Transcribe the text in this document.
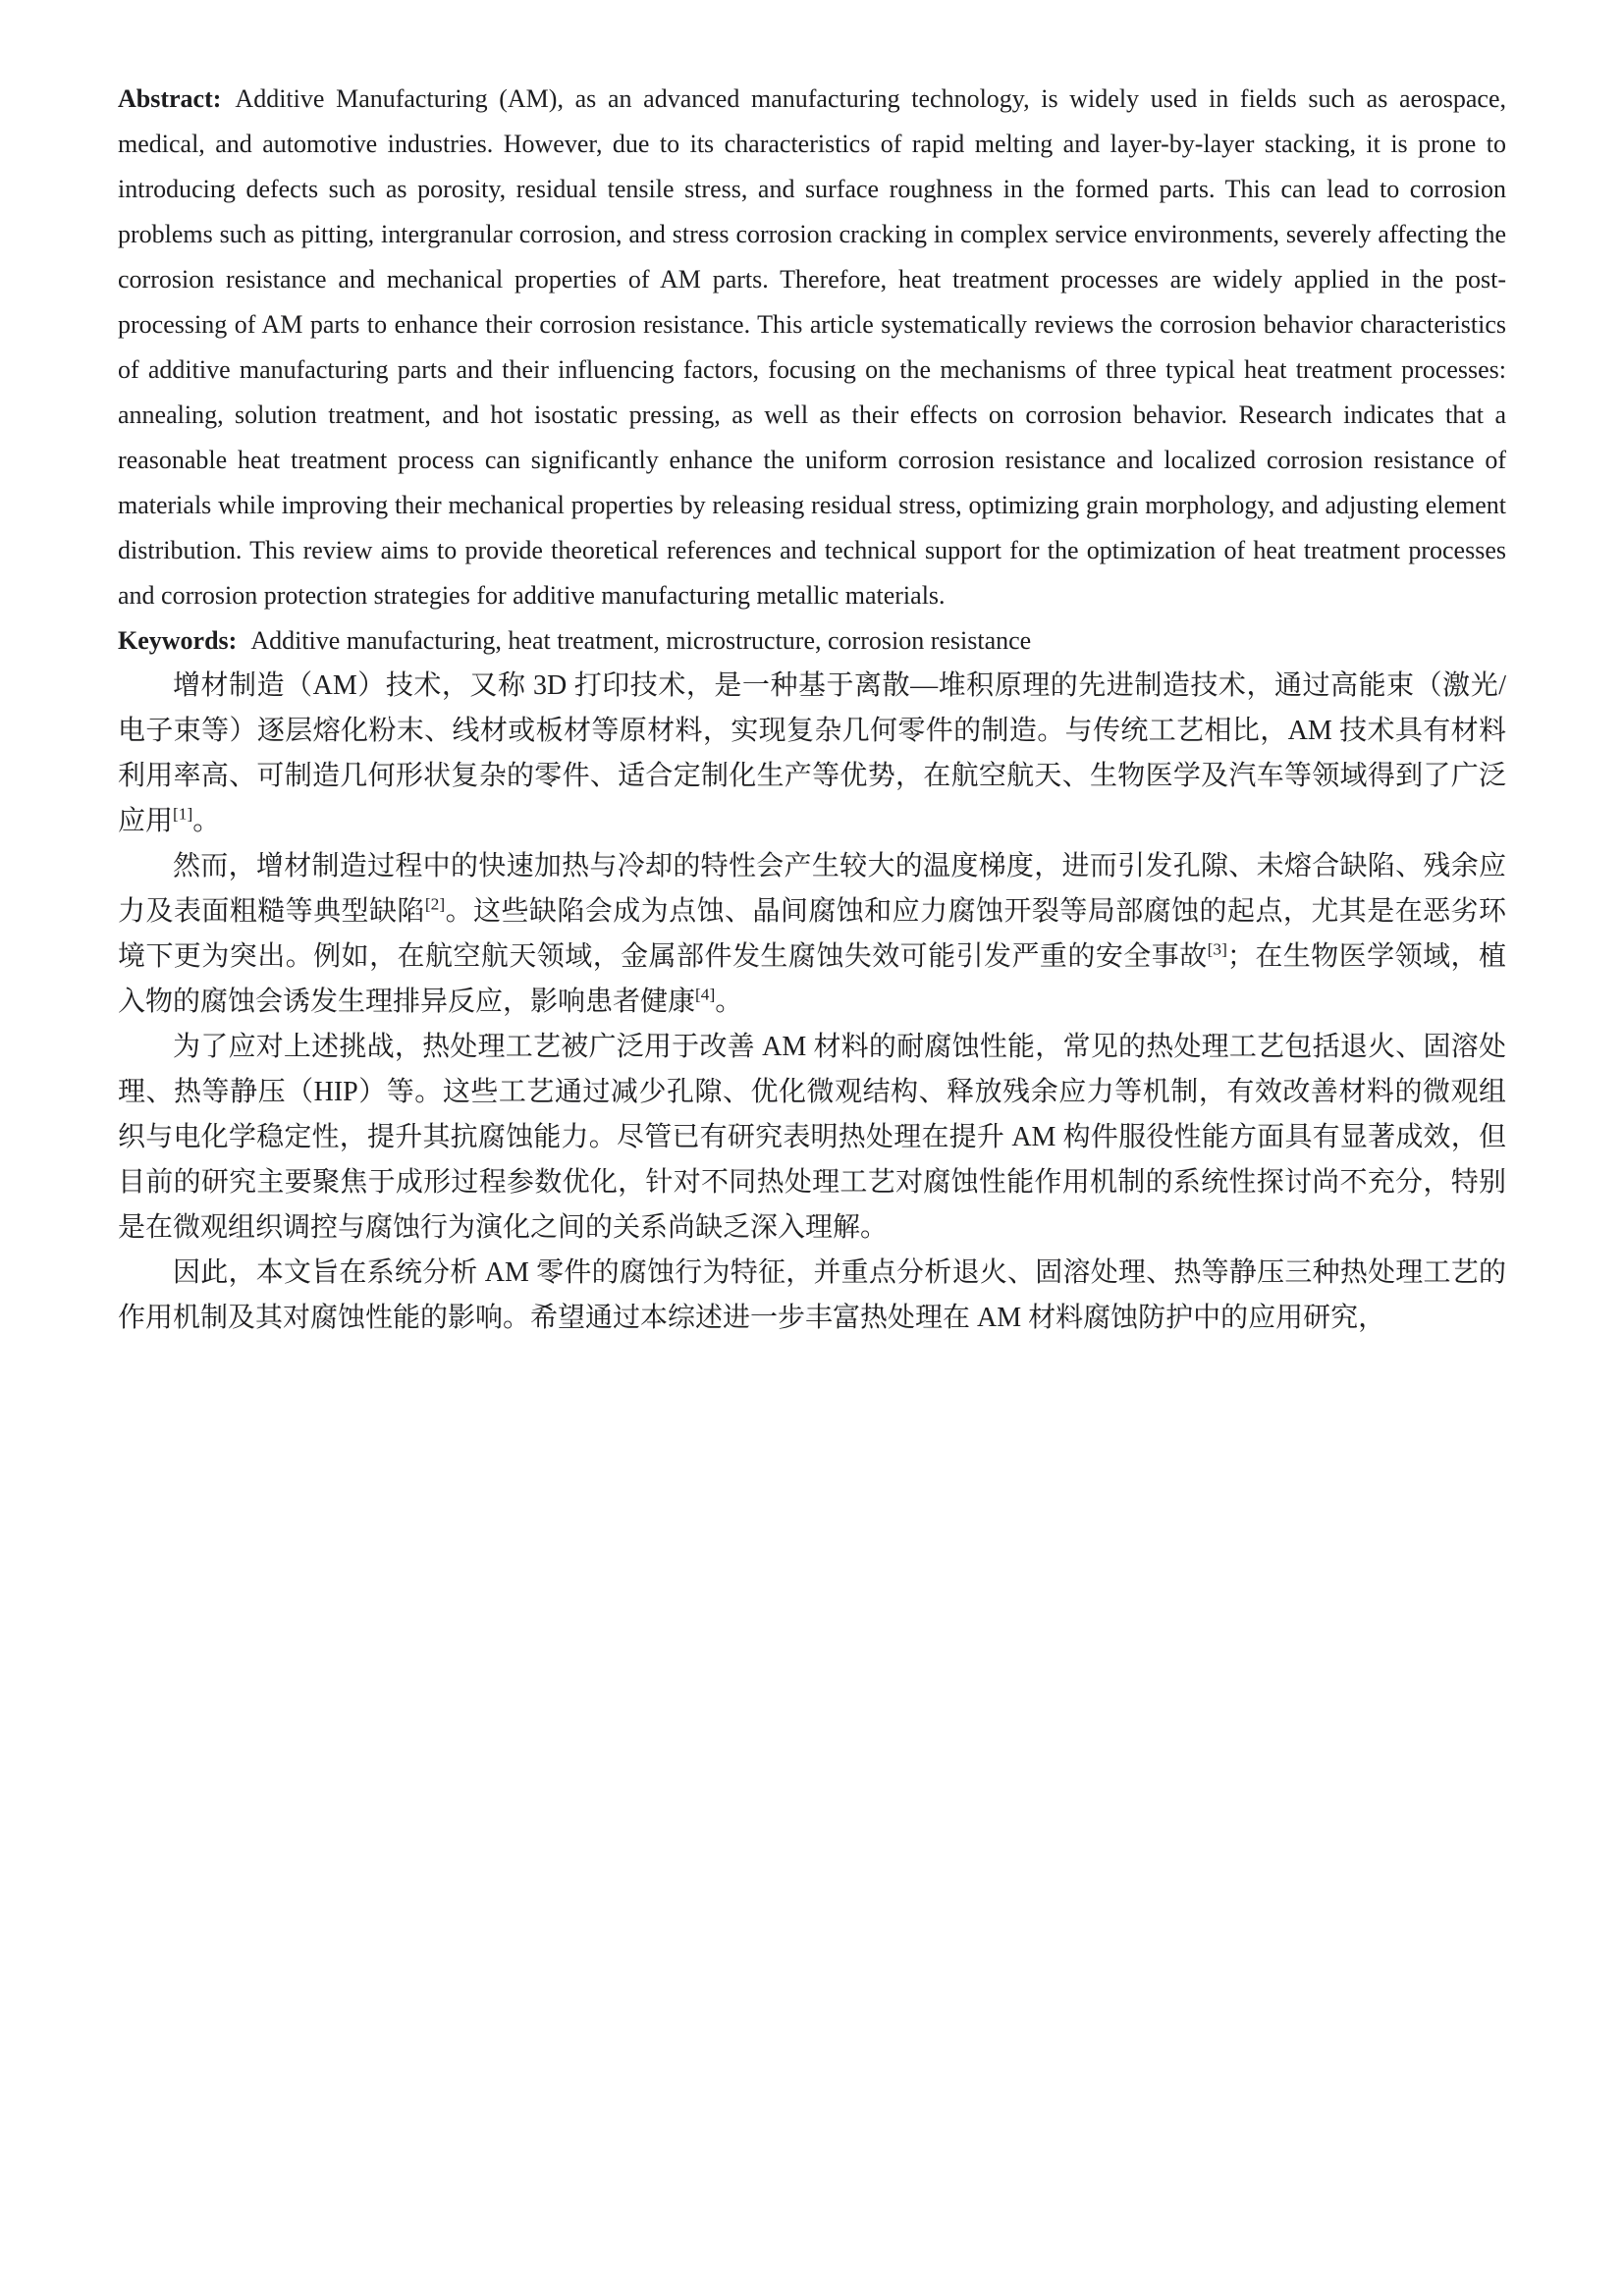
Abstract: Additive Manufacturing (AM), as an advanced manufacturing technology, is widely used in fields such as aerospace, medical, and automotive industries. However, due to its characteristics of rapid melting and layer-by-layer stacking, it is prone to introducing defects such as porosity, residual tensile stress, and surface roughness in the formed parts. This can lead to corrosion problems such as pitting, intergranular corrosion, and stress corrosion cracking in complex service environments, severely affecting the corrosion resistance and mechanical properties of AM parts. Therefore, heat treatment processes are widely applied in the post-processing of AM parts to enhance their corrosion resistance. This article systematically reviews the corrosion behavior characteristics of additive manufacturing parts and their influencing factors, focusing on the mechanisms of three typical heat treatment processes: annealing, solution treatment, and hot isostatic pressing, as well as their effects on corrosion behavior. Research indicates that a reasonable heat treatment process can significantly enhance the uniform corrosion resistance and localized corrosion resistance of materials while improving their mechanical properties by releasing residual stress, optimizing grain morphology, and adjusting element distribution. This review aims to provide theoretical references and technical support for the optimization of heat treatment processes and corrosion protection strategies for additive manufacturing metallic materials.

Keywords: Additive manufacturing, heat treatment, microstructure, corrosion resistance

增材制造（AM）技术，又称 3D 打印技术，是一种基于离散—堆积原理的先进制造技术，通过高能束（激光/电子束等）逐层熔化粉末、线材或板材等原材料，实现复杂几何零件的制造。与传统工艺相比，AM 技术具有材料利用率高、可制造几何形状复杂的零件、适合定制化生产等优势，在航空航天、生物医学及汽车等领域得到了广泛应用[1]。

然而，增材制造过程中的快速加热与冷却的特性会产生较大的温度梯度，进而引发孔隙、未熔合缺陷、残余应力及表面粗糙等典型缺陷[2]。这些缺陷会成为点蚀、晶间腐蚀和应力腐蚀开裂等局部腐蚀的起点，尤其是在恶劣环境下更为突出。例如，在航空航天领域，金属部件发生腐蚀失效可能引发严重的安全事故[3]；在生物医学领域，植入物的腐蚀会诱发生理排异反应，影响患者健康[4]。

为了应对上述挑战，热处理工艺被广泛用于改善 AM 材料的耐腐蚀性能，常见的热处理工艺包括退火、固溶处理、热等静压（HIP）等。这些工艺通过减少孔隙、优化微观结构、释放残余应力等机制，有效改善材料的微观组织与电化学稳定性，提升其抗腐蚀能力。尽管已有研究表明热处理在提升 AM 构件服役性能方面具有显著成效，但目前的研究主要聚焦于成形过程参数优化，针对不同热处理工艺对腐蚀性能作用机制的系统性探讨尚不充分，特别是在微观组织调控与腐蚀行为演化之间的关系尚缺乏深入理解。

因此，本文旨在系统分析 AM 零件的腐蚀行为特征，并重点分析退火、固溶处理、热等静压三种热处理工艺的作用机制及其对腐蚀性能的影响。希望通过本综述进一步丰富热处理在 AM 材料腐蚀防护中的应用研究，
